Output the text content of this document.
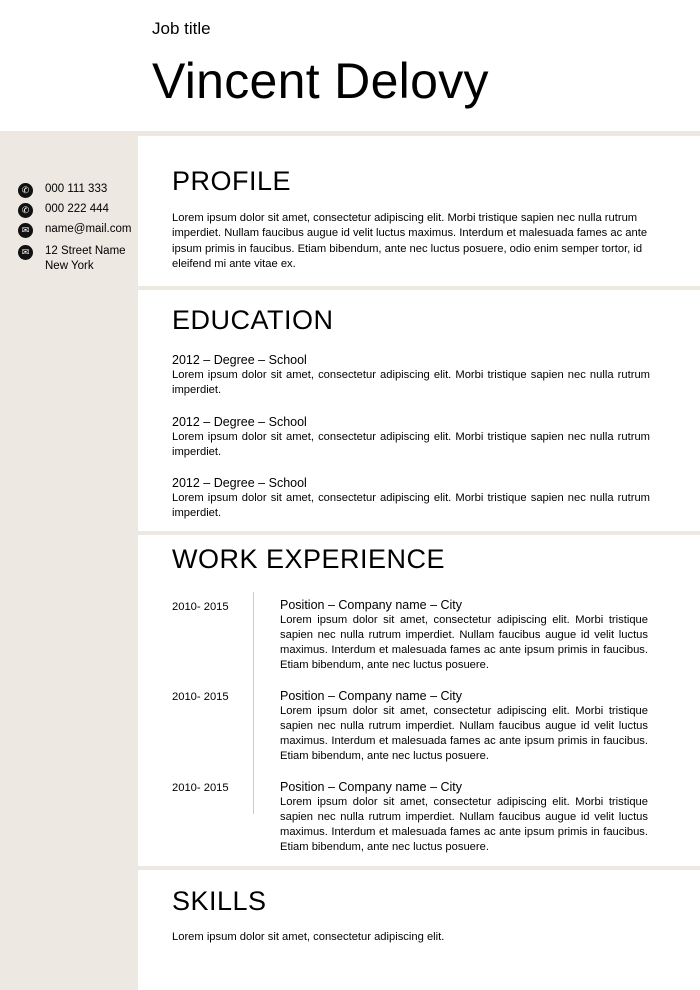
Job title
Vincent Delovy
✆	000 111 333
✆	000 222 444
✉	name@mail.com
✉	12 Street Name
New York
PROFILE
Lorem ipsum dolor sit amet, consectetur adipiscing elit. Morbi tristique sapien nec nulla rutrum imperdiet. Nullam faucibus augue id velit luctus maximus. Interdum et malesuada fames ac ante ipsum primis in faucibus. Etiam bibendum, ante nec luctus posuere, odio enim semper tortor, id eleifend mi ante vitae ex.
EDUCATION
2012 – Degree – School
Lorem ipsum dolor sit amet, consectetur adipiscing elit. Morbi tristique sapien nec nulla rutrum imperdiet.
2012 – Degree – School
Lorem ipsum dolor sit amet, consectetur adipiscing elit. Morbi tristique sapien nec nulla rutrum imperdiet.
2012 – Degree – School
Lorem ipsum dolor sit amet, consectetur adipiscing elit. Morbi tristique sapien nec nulla rutrum imperdiet.
WORK EXPERIENCE
2010- 2015	Position – Company name – City
Lorem ipsum dolor sit amet, consectetur adipiscing elit. Morbi tristique sapien nec nulla rutrum imperdiet. Nullam faucibus augue id velit luctus maximus. Interdum et malesuada fames ac ante ipsum primis in faucibus. Etiam bibendum, ante nec luctus posuere.
2010- 2015	Position – Company name – City
Lorem ipsum dolor sit amet, consectetur adipiscing elit. Morbi tristique sapien nec nulla rutrum imperdiet. Nullam faucibus augue id velit luctus maximus. Interdum et malesuada fames ac ante ipsum primis in faucibus. Etiam bibendum, ante nec luctus posuere.
2010- 2015	Position – Company name – City
Lorem ipsum dolor sit amet, consectetur adipiscing elit. Morbi tristique sapien nec nulla rutrum imperdiet. Nullam faucibus augue id velit luctus maximus. Interdum et malesuada fames ac ante ipsum primis in faucibus. Etiam bibendum, ante nec luctus posuere.
SKILLS
Lorem ipsum dolor sit amet, consectetur adipiscing elit.
